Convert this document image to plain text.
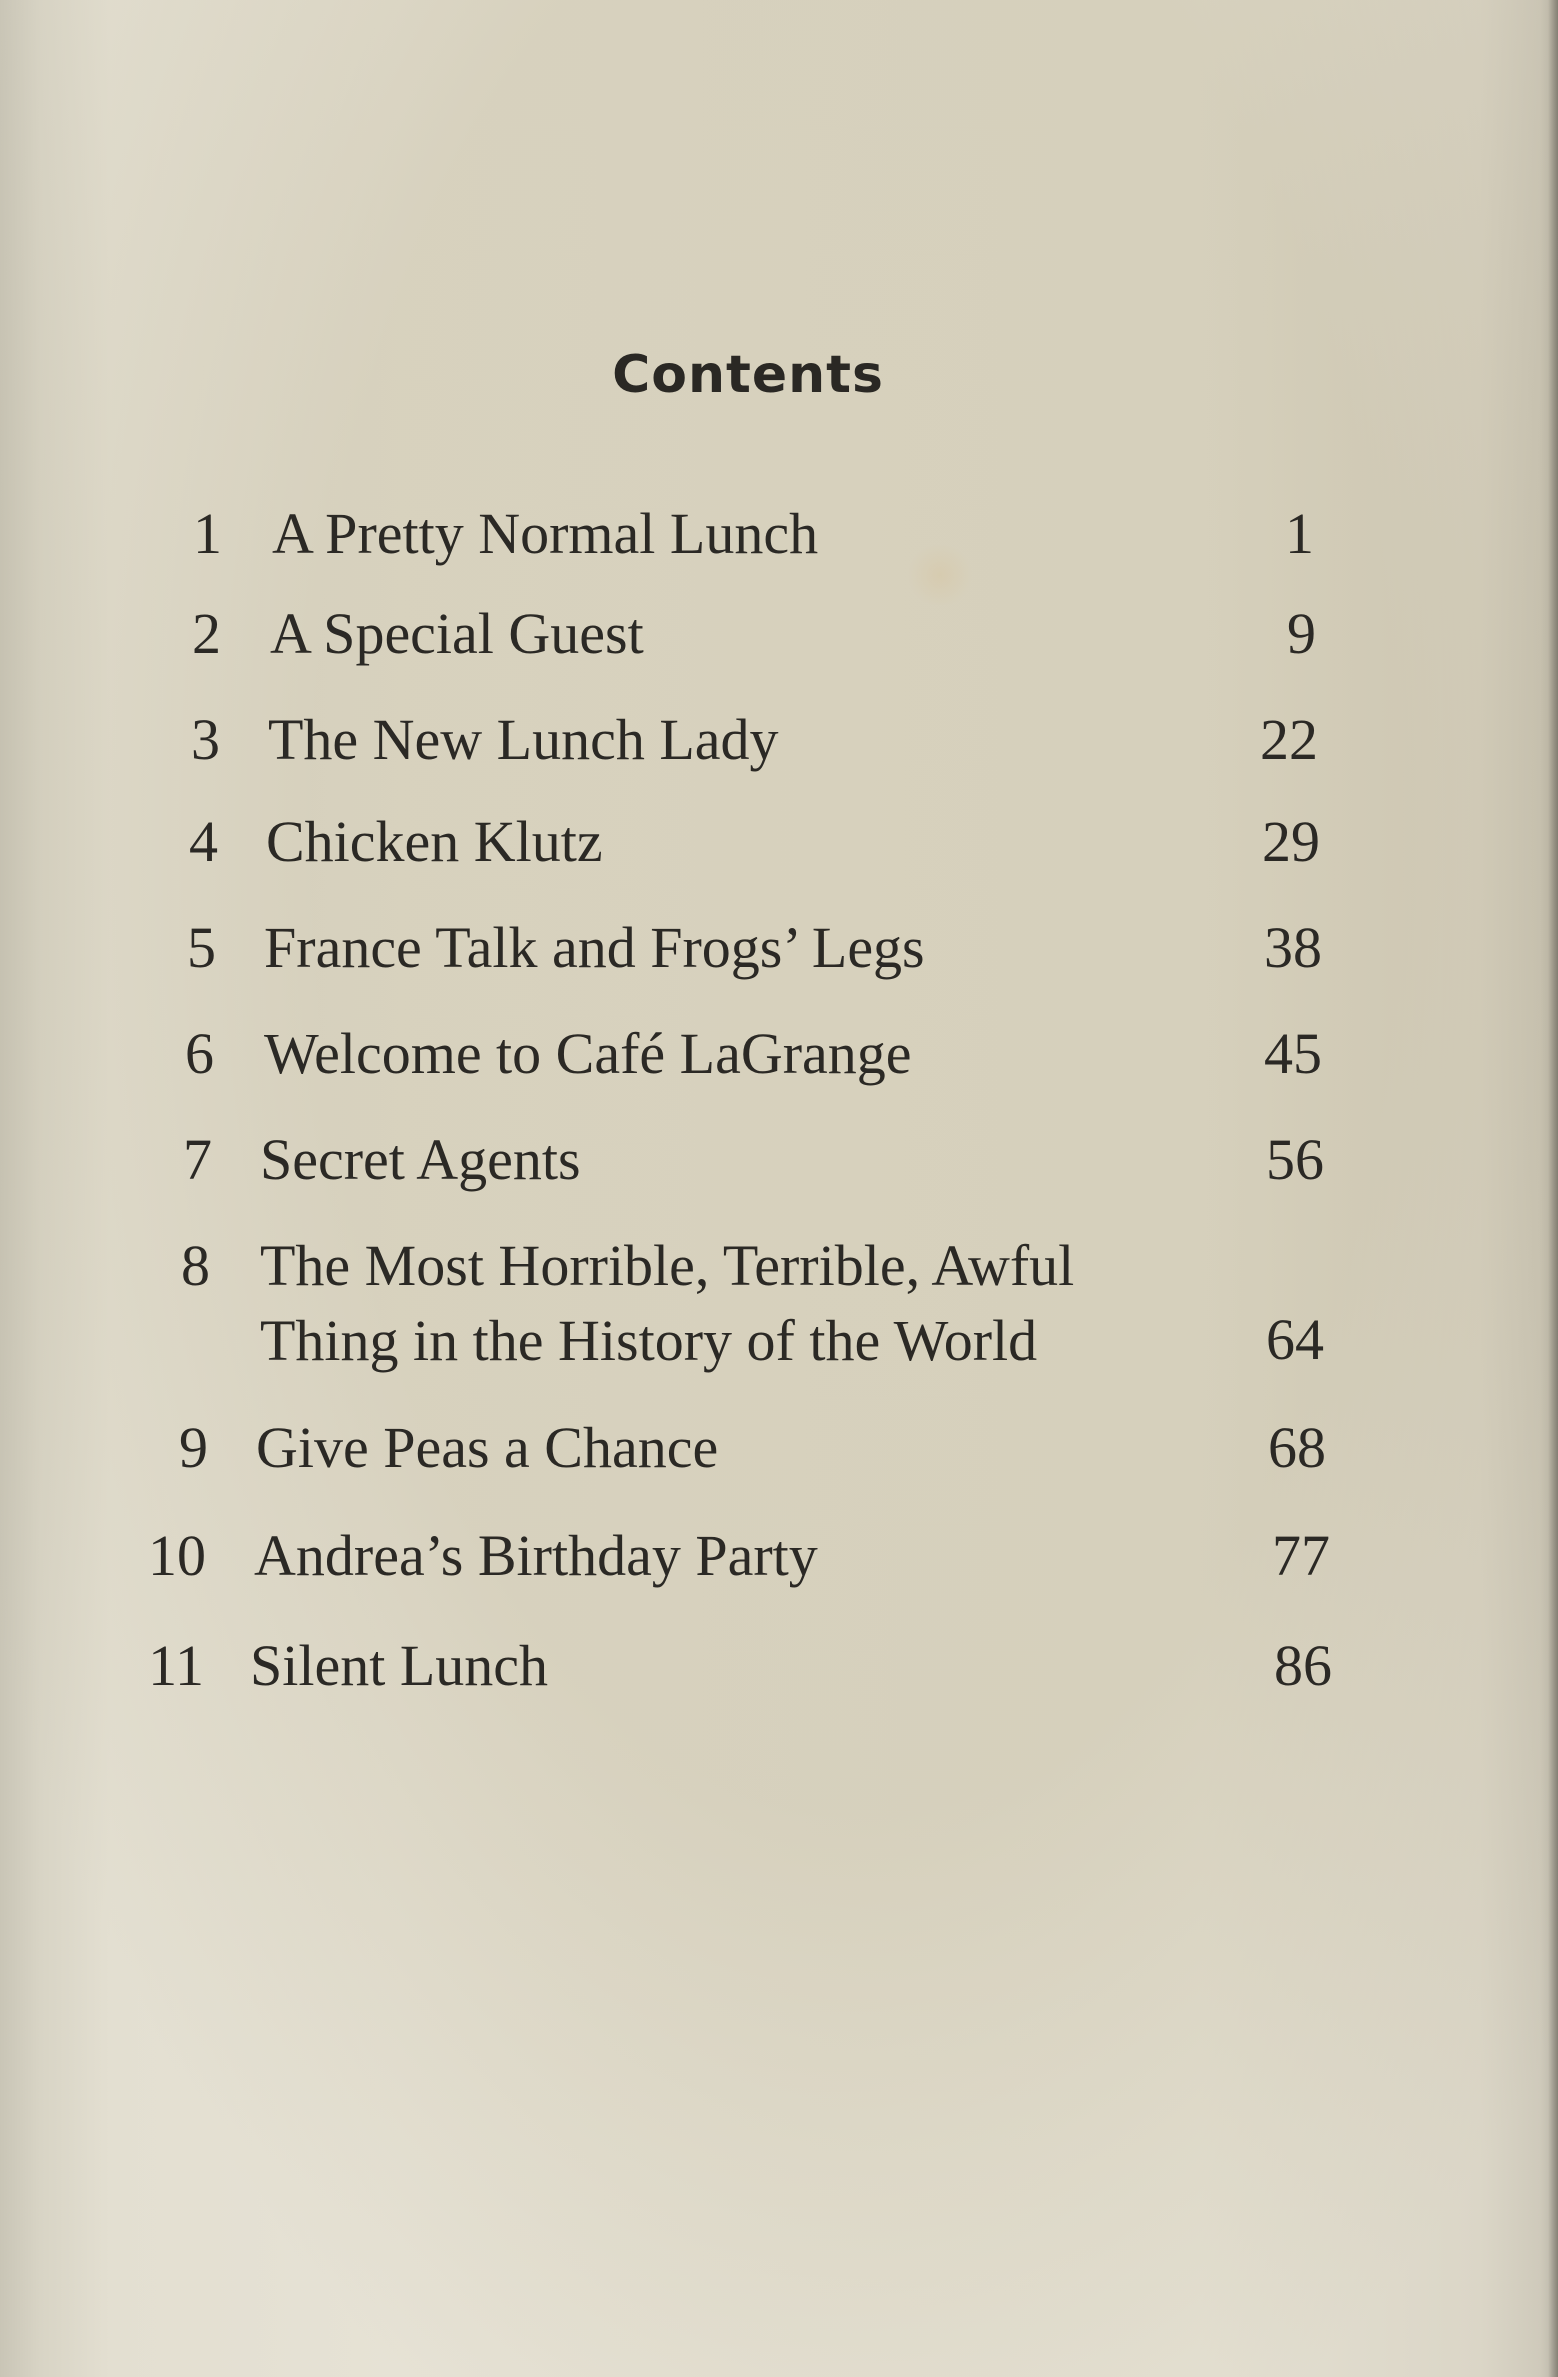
Contents
1 A Pretty Normal Lunch	1
2 A Special Guest	9
3 The New Lunch Lady	22
4 Chicken Klutz	29
5 France Talk and Frogs’ Legs	38
6 Welcome to Café LaGrange	45
7 Secret Agents	56
8 The Most Horrible, Terrible, Awful
Thing in the History of the World	64
9 Give Peas a Chance	68
10 Andrea’s Birthday Party	77
11 Silent Lunch	86
